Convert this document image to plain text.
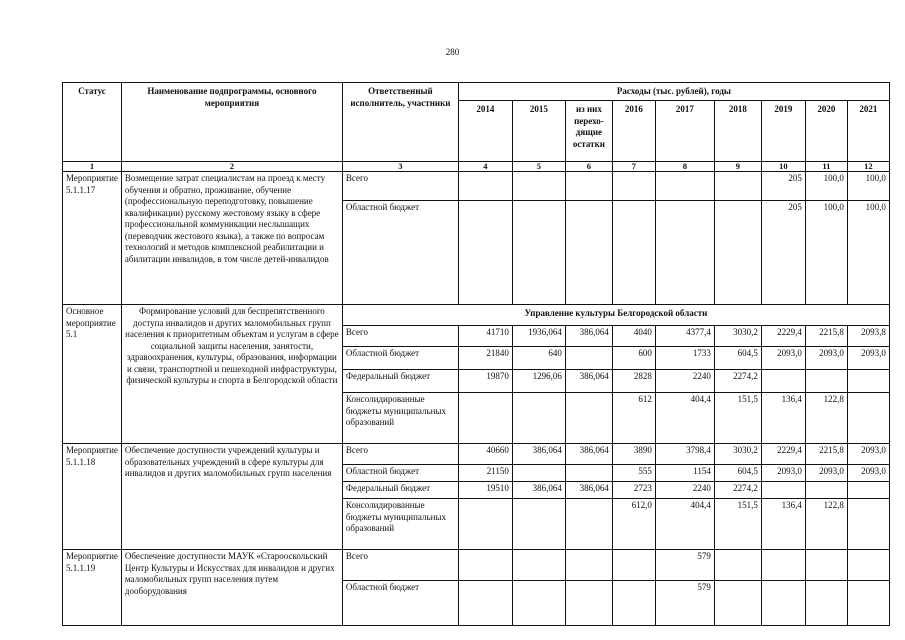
280
Статус	Наименование подпрограммы, основного мероприятия	Ответственный исполнитель, участники	Расходы (тыс. рублей), годы								
			2014	2015	из них перехо-дящие остатки	2016	2017	2018	2019	2020	2021
1	2	3	4	5	6	7	8	9	10	11	12
Мероприятие 5.1.1.17	Возмещение затрат специалистам на проезд к месту обучения и обратно, проживание, обучение (профессиональную переподготовку, повышение квалификации) русскому жестовому языку в сфере профессиональной коммуникации неслышащих (переводчик жестового языка), а также по вопросам технологий и методов комплексной реабилитации и абилитации инвалидов, в том числе детей-инвалидов	Всего							205	100,0	100,0
		Областной бюджет							205	100,0	100,0
Основное мероприятие 5.1	Формирование условий для беспрепятственного доступа инвалидов и других маломобильных групп населения к приоритетным объектам и услугам в сфере социальной защиты населения, занятости, здравоохранения, культуры, образования, информации и связи, транспортной и пешеходной инфраструктуры, физической культуры и спорта в Белгородской области	Управление культуры Белгородской области									
		Всего	41710	1936,064	386,064	4040	4377,4	3030,2	2229,4	2215,8	2093,8
		Областной бюджет	21840	640		600	1733	604,5	2093,0	2093,0	2093,0
		Федеральный бюджет	19870	1296,06	386,064	2828	2240	2274,2			
		Консолидированные бюджеты муниципальных образований				612	404,4	151,5	136,4	122,8	
Мероприятие 5.1.1.18	Обеспечение доступности учреждений культуры и образовательных учреждений в сфере культуры для инвалидов и других маломобильных групп населения	Всего	40660	386,064	386,064	3890	3798,4	3030,2	2229,4	2215,8	2093,0
		Областной бюджет	21150			555	1154	604,5	2093,0	2093,0	2093,0
		Федеральный бюджет	19510	386,064	386,064	2723	2240	2274,2			
		Консолидированные бюджеты муниципальных образований				612,0	404,4	151,5	136,4	122,8	
Мероприятие 5.1.1.19	Обеспечение доступности МАУК «Старооскольский Центр Культуры и Искусствах для инвалидов и других маломобильных групп населения путем дооборудования	Всего					579				
		Областной бюджет					579				
